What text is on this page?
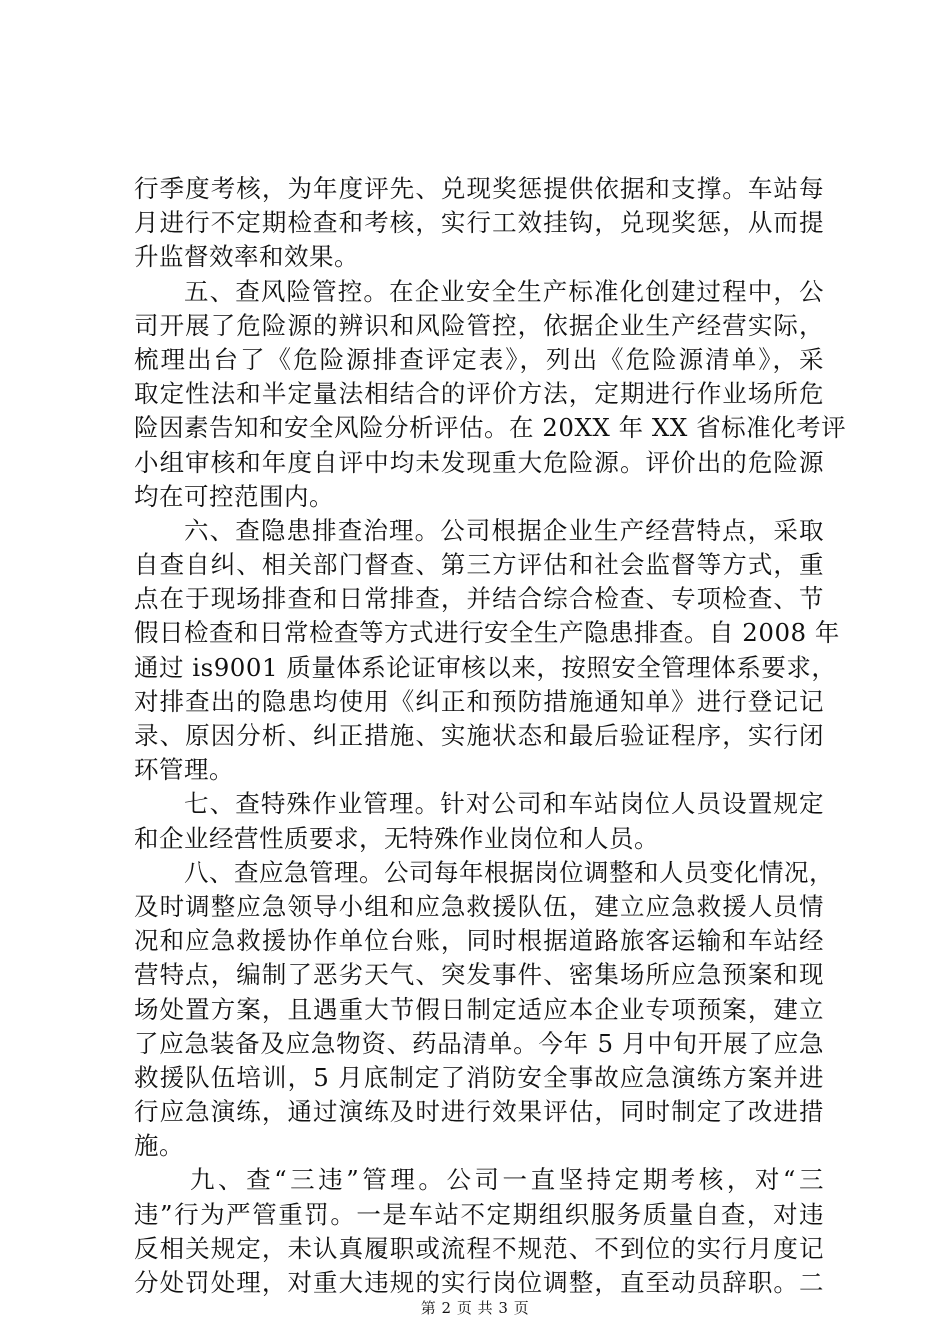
行季度考核，为年度评先、兑现奖惩提供依据和支撑。车站每
月进行不定期检查和考核，实行工效挂钩，兑现奖惩，从而提
升监督效率和效果。
五、查风险管控。在企业安全生产标准化创建过程中，公
司开展了危险源的辨识和风险管控，依据企业生产经营实际，
梳理出台了《危险源排查评定表》，列出《危险源清单》，采
取定性法和半定量法相结合的评价方法，定期进行作业场所危
险因素告知和安全风险分析评估。在 20XX 年 XX 省标准化考评
小组审核和年度自评中均未发现重大危险源。评价出的危险源
均在可控范围内。
六、查隐患排查治理。公司根据企业生产经营特点，采取
自查自纠、相关部门督查、第三方评估和社会监督等方式，重
点在于现场排查和日常排查，并结合综合检查、专项检查、节
假日检查和日常检查等方式进行安全生产隐患排查。自 2008 年
通过 is9001 质量体系论证审核以来，按照安全管理体系要求，
对排查出的隐患均使用《纠正和预防措施通知单》进行登记记
录、原因分析、纠正措施、实施状态和最后验证程序，实行闭
环管理。
七、查特殊作业管理。针对公司和车站岗位人员设置规定
和企业经营性质要求，无特殊作业岗位和人员。
八、查应急管理。公司每年根据岗位调整和人员变化情况，
及时调整应急领导小组和应急救援队伍，建立应急救援人员情
况和应急救援协作单位台账，同时根据道路旅客运输和车站经
营特点，编制了恶劣天气、突发事件、密集场所应急预案和现
场处置方案，且遇重大节假日制定适应本企业专项预案，建立
了应急装备及应急物资、药品清单。今年 5 月中旬开展了应急
救援队伍培训，5 月底制定了消防安全事故应急演练方案并进
行应急演练，通过演练及时进行效果评估，同时制定了改进措
施。
九、查“三违”管理。公司一直坚持定期考核，对“三
违”行为严管重罚。一是车站不定期组织服务质量自查，对违
反相关规定，未认真履职或流程不规范、不到位的实行月度记
分处罚处理，对重大违规的实行岗位调整，直至动员辞职。二
第 2 页 共 3 页
